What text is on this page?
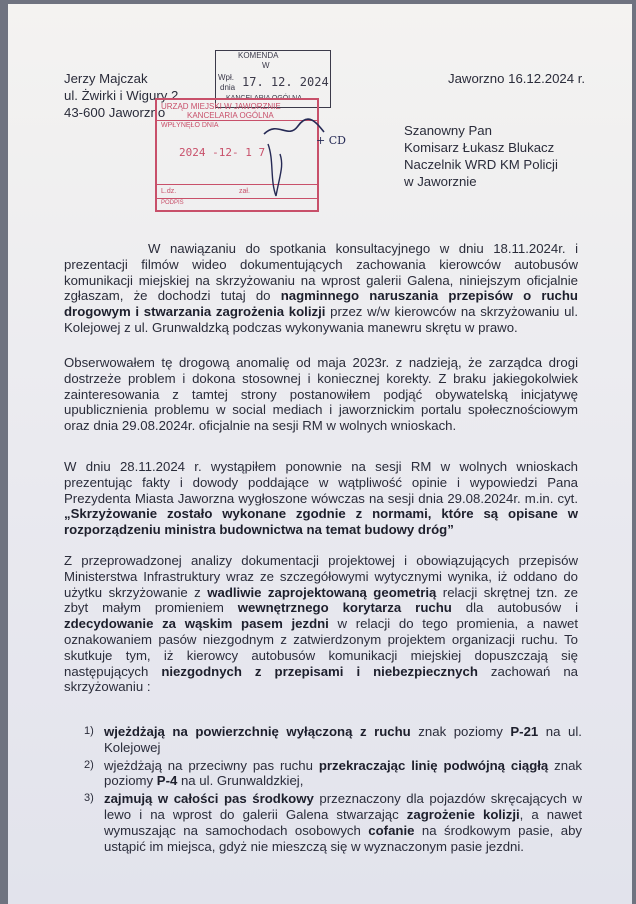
Jerzy Majczak
ul. Żwirki i Wigury 2
43-600 Jaworzno
Jaworzno 16.12.2024 r.
Szanowny Pan
Komisarz Łukasz Blukacz
Naczelnik WRD KM Policji
w Jaworznie
KOMENDA
W
Wpł.
dnia 17. 12. 2024
KANCELARIA OGÓLNA
URZĄD MIEJSKI W JAWORZNIE
KANCELARIA OGÓLNA
WPŁYNĘŁO DNIA
2024 -12- 1 7
L.dz.	zał.
PODPIS
+ CD
W nawiązaniu do spotkania konsultacyjnego w dniu 18.11.2024r. i prezentacji filmów wideo dokumentujących zachowania kierowców autobusów komunikacji miejskiej na skrzyżowaniu na wprost galerii Galena, niniejszym oficjalnie zgłaszam, że dochodzi tutaj do nagminnego naruszania przepisów o ruchu drogowym i stwarzania zagrożenia kolizji przez w/w kierowców na skrzyżowaniu ul. Kolejowej z ul. Grunwaldzką podczas wykonywania manewru skrętu w prawo.
Obserwowałem tę drogową anomalię od maja 2023r. z nadzieją, że zarządca drogi dostrzeże problem i dokona stosownej i koniecznej korekty. Z braku jakiegokolwiek zainteresowania z tamtej strony postanowiłem podjąć obywatelską inicjatywę upublicznienia problemu w social mediach i jaworznickim portalu społecznościowym oraz dnia 29.08.2024r. oficjalnie na sesji RM w wolnych wnioskach.
W dniu 28.11.2024 r. wystąpiłem ponownie na sesji RM w wolnych wnioskach prezentując fakty i dowody poddające w wątpliwość opinie i wypowiedzi Pana Prezydenta Miasta Jaworzna wygłoszone wówczas na sesji dnia 29.08.2024r. m.in. cyt.„Skrzyżowanie zostało wykonane zgodnie z normami, które są opisane w rozporządzeniu ministra budownictwa na temat budowy dróg”
Z przeprowadzonej analizy dokumentacji projektowej i obowiązujących przepisów Ministerstwa Infrastruktury wraz ze szczegółowymi wytycznymi wynika, iż oddano do użytku skrzyżowanie z wadliwie zaprojektowaną geometrią relacji skrętnej tzn. ze zbyt małym promieniem wewnętrznego korytarza ruchu dla autobusów i zdecydowanie za wąskim pasem jezdni w relacji do tego promienia, a nawet oznakowaniem pasów niezgodnym z zatwierdzonym projektem organizacji ruchu. To skutkuje tym, iż kierowcy autobusów komunikacji miejskiej dopuszczają się następujących niezgodnych z przepisami i niebezpiecznych zachowań na skrzyżowaniu :
1) wjeżdżają na powierzchnię wyłączoną z ruchu znak poziomy P-21 na ul. Kolejowej
2) wjeżdżają na przeciwny pas ruchu przekraczając linię podwójną ciągłą znak poziomy P-4 na ul. Grunwaldzkiej,
3) zajmują w całości pas środkowy przeznaczony dla pojazdów skręcających w lewo i na wprost do galerii Galena stwarzając zagrożenie kolizji, a nawet wymuszając na samochodach osobowych cofanie na środkowym pasie, aby ustąpić im miejsca, gdyż nie mieszczą się w wyznaczonym pasie jezdni.
